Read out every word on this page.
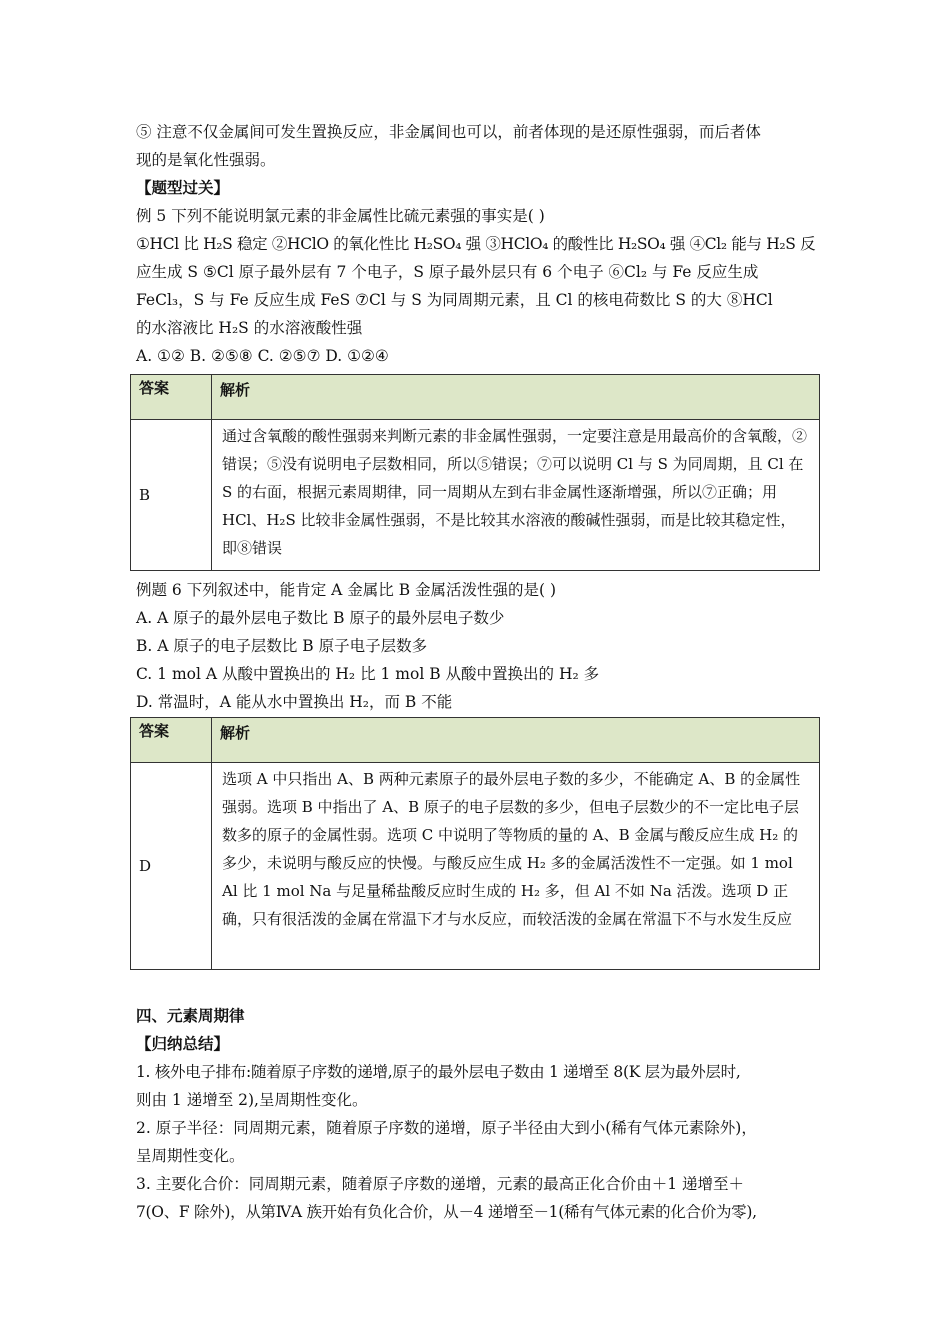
⑤ 注意不仅金属间可发生置换反应，非金属间也可以，前者体现的是还原性强弱，而后者体
现的是氧化性强弱。
【题型过关】
例 5 下列不能说明氯元素的非金属性比硫元素强的事实是( )
①HCl 比 H₂S 稳定 ②HClO 的氧化性比 H₂SO₄ 强 ③HClO₄ 的酸性比 H₂SO₄ 强 ④Cl₂ 能与 H₂S 反
应生成 S ⑤Cl 原子最外层有 7 个电子，S 原子最外层只有 6 个电子 ⑥Cl₂ 与 Fe 反应生成
FeCl₃，S 与 Fe 反应生成 FeS ⑦Cl 与 S 为同周期元素，且 Cl 的核电荷数比 S 的大 ⑧HCl
的水溶液比 H₂S 的水溶液酸性强
A. ①② B. ②⑤⑧ C. ②⑤⑦ D. ①②④
答案	解析
B	通过含氧酸的酸性强弱来判断元素的非金属性强弱，一定要注意是用最高价的含氧酸，②错误；⑤没有说明电子层数相同，所以⑤错误；⑦可以说明 Cl 与 S 为同周期，且 Cl 在 S 的右面，根据元素周期律，同一周期从左到右非金属性逐渐增强，所以⑦正确；用 HCl、H₂S 比较非金属性强弱，不是比较其水溶液的酸碱性强弱，而是比较其稳定性，即⑧错误
例题 6 下列叙述中，能肯定 A 金属比 B 金属活泼性强的是( )
A. A 原子的最外层电子数比 B 原子的最外层电子数少
B. A 原子的电子层数比 B 原子电子层数多
C. 1 mol A 从酸中置换出的 H₂ 比 1 mol B 从酸中置换出的 H₂ 多
D. 常温时，A 能从水中置换出 H₂，而 B 不能
答案	解析
D	选项 A 中只指出 A、B 两种元素原子的最外层电子数的多少，不能确定 A、B 的金属性强弱。选项 B 中指出了 A、B 原子的电子层数的多少，但电子层数少的不一定比电子层数多的原子的金属性弱。选项 C 中说明了等物质的量的 A、B 金属与酸反应生成 H₂ 的多少，未说明与酸反应的快慢。与酸反应生成 H₂ 多的金属活泼性不一定强。如 1 mol Al 比 1 mol Na 与足量稀盐酸反应时生成的 H₂ 多，但 Al 不如 Na 活泼。选项 D 正确，只有很活泼的金属在常温下才与水反应，而较活泼的金属在常温下不与水发生反应
四、元素周期律
【归纳总结】
1. 核外电子排布:随着原子序数的递增,原子的最外层电子数由 1 递增至 8(K 层为最外层时,
则由 1 递增至 2),呈周期性变化。
2. 原子半径：同周期元素，随着原子序数的递增，原子半径由大到小(稀有气体元素除外)，
呈周期性变化。
3. 主要化合价：同周期元素，随着原子序数的递增，元素的最高正化合价由＋1 递增至＋
7(O、F 除外)，从第ⅣA 族开始有负化合价，从－4 递增至－1(稀有气体元素的化合价为零),
